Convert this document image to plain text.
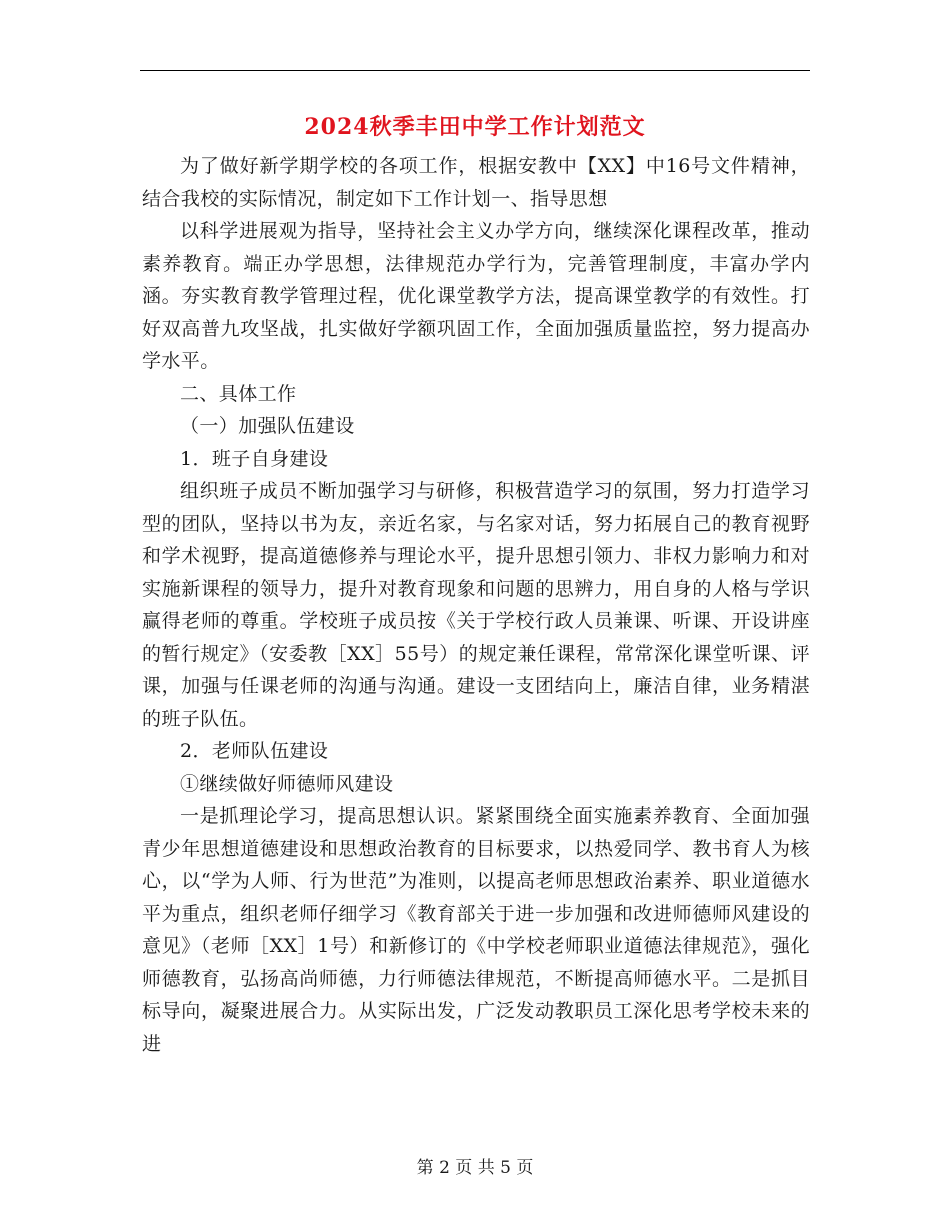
2024秋季丰田中学工作计划范文

为了做好新学期学校的各项工作，根据安教中【XX】中16号文件精神，结合我校的实际情况，制定如下工作计划一、指导思想

以科学进展观为指导，坚持社会主义办学方向，继续深化课程改革，推动素养教育。端正办学思想，法律规范办学行为，完善管理制度，丰富办学内涵。夯实教育教学管理过程，优化课堂教学方法，提高课堂教学的有效性。打好双高普九攻坚战，扎实做好学额巩固工作，全面加强质量监控，努力提高办学水平。

二、具体工作

（一）加强队伍建设

1．班子自身建设

组织班子成员不断加强学习与研修，积极营造学习的氛围，努力打造学习型的团队，坚持以书为友，亲近名家，与名家对话，努力拓展自己的教育视野和学术视野，提高道德修养与理论水平，提升思想引领力、非权力影响力和对实施新课程的领导力，提升对教育现象和问题的思辨力，用自身的人格与学识赢得老师的尊重。学校班子成员按《关于学校行政人员兼课、听课、开设讲座的暂行规定》（安委教［XX］55号）的规定兼任课程，常常深化课堂听课、评课，加强与任课老师的沟通与沟通。建设一支团结向上，廉洁自律，业务精湛的班子队伍。

2．老师队伍建设

①继续做好师德师风建设

一是抓理论学习，提高思想认识。紧紧围绕全面实施素养教育、全面加强青少年思想道德建设和思想政治教育的目标要求，以热爱同学、教书育人为核心，以“学为人师、行为世范”为准则，以提高老师思想政治素养、职业道德水平为重点，组织老师仔细学习《教育部关于进一步加强和改进师德师风建设的意见》（老师［XX］1号）和新修订的《中学校老师职业道德法律规范》，强化师德教育，弘扬高尚师德，力行师德法律规范，不断提高师德水平。二是抓目标导向，凝聚进展合力。从实际出发，广泛发动教职员工深化思考学校未来的进

第 2 页 共 5 页
